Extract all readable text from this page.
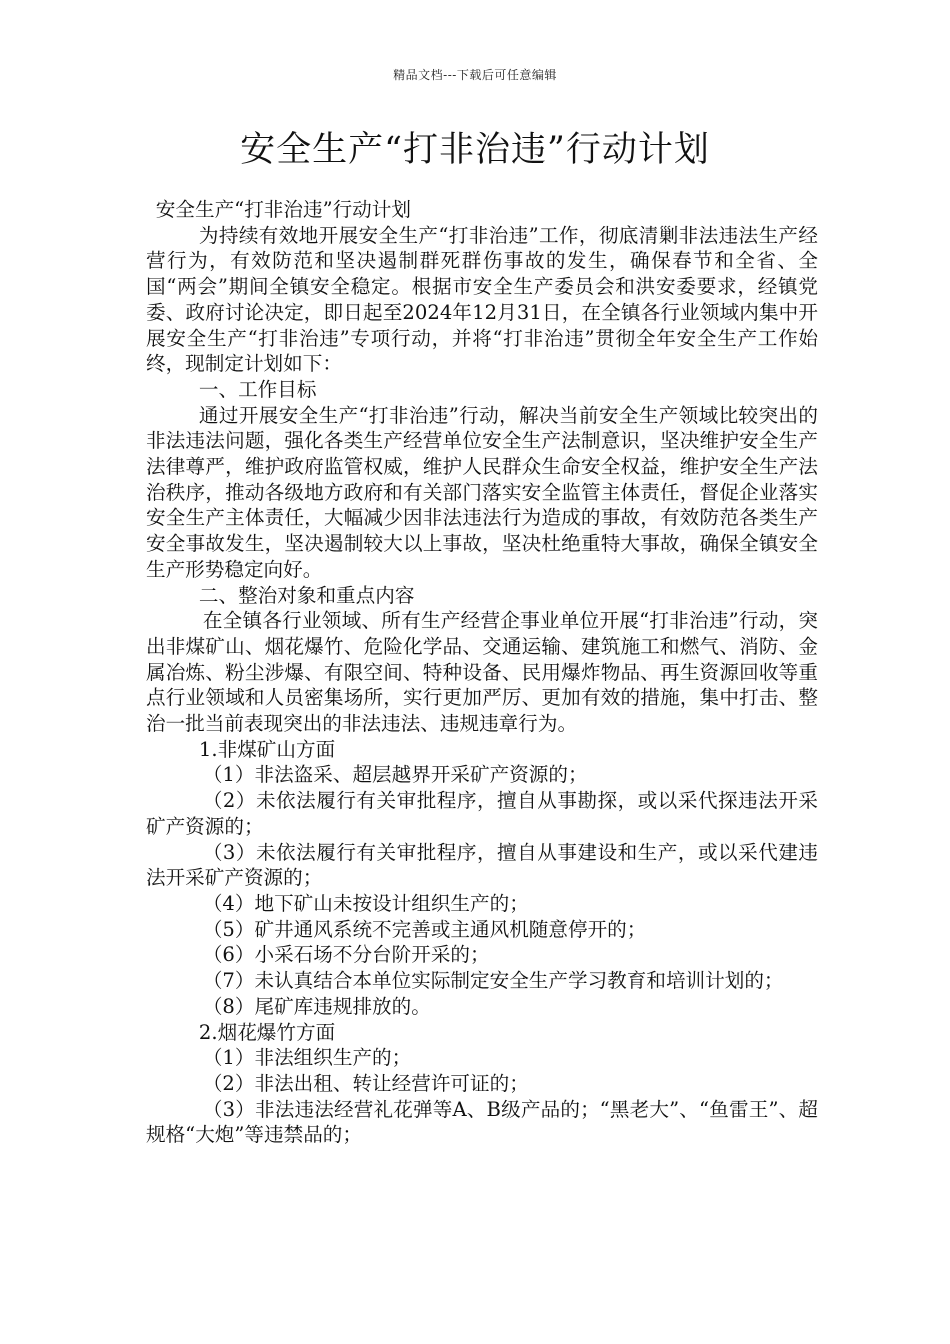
精品文档---下载后可任意编辑
安全生产“打非治违”行动计划

安全生产“打非治违”行动计划

为持续有效地开展安全生产“打非治违”工作，彻底清剿非法违法生产经营行为，有效防范和坚决遏制群死群伤事故的发生，确保春节和全省、全国“两会”期间全镇安全稳定。根据市安全生产委员会和洪安委要求，经镇党委、政府讨论决定，即日起至2024年12月31日，在全镇各行业领域内集中开展安全生产“打非治违”专项行动，并将“打非治违”贯彻全年安全生产工作始终，现制定计划如下：

一、工作目标

通过开展安全生产“打非治违”行动，解决当前安全生产领域比较突出的非法违法问题，强化各类生产经营单位安全生产法制意识，坚决维护安全生产法律尊严，维护政府监管权威，维护人民群众生命安全权益，维护安全生产法治秩序，推动各级地方政府和有关部门落实安全监管主体责任，督促企业落实安全生产主体责任，大幅减少因非法违法行为造成的事故，有效防范各类生产安全事故发生，坚决遏制较大以上事故，坚决杜绝重特大事故，确保全镇安全生产形势稳定向好。

二、整治对象和重点内容

在全镇各行业领域、所有生产经营企事业单位开展“打非治违”行动，突出非煤矿山、烟花爆竹、危险化学品、交通运输、建筑施工和燃气、消防、金属冶炼、粉尘涉爆、有限空间、特种设备、民用爆炸物品、再生资源回收等重点行业领域和人员密集场所，实行更加严厉、更加有效的措施，集中打击、整治一批当前表现突出的非法违法、违规违章行为。

1.非煤矿山方面

（1）非法盗采、超层越界开采矿产资源的；

（2）未依法履行有关审批程序，擅自从事勘探，或以采代探违法开采矿产资源的；

（3）未依法履行有关审批程序，擅自从事建设和生产，或以采代建违法开采矿产资源的；

（4）地下矿山未按设计组织生产的；

（5）矿井通风系统不完善或主通风机随意停开的；

（6）小采石场不分台阶开采的；

（7）未认真结合本单位实际制定安全生产学习教育和培训计划的；

（8）尾矿库违规排放的。

2.烟花爆竹方面

（1）非法组织生产的；

（2）非法出租、转让经营许可证的；

（3）非法违法经营礼花弹等A、B级产品的；“黑老大”、“鱼雷王”、超规格“大炮”等违禁品的；
